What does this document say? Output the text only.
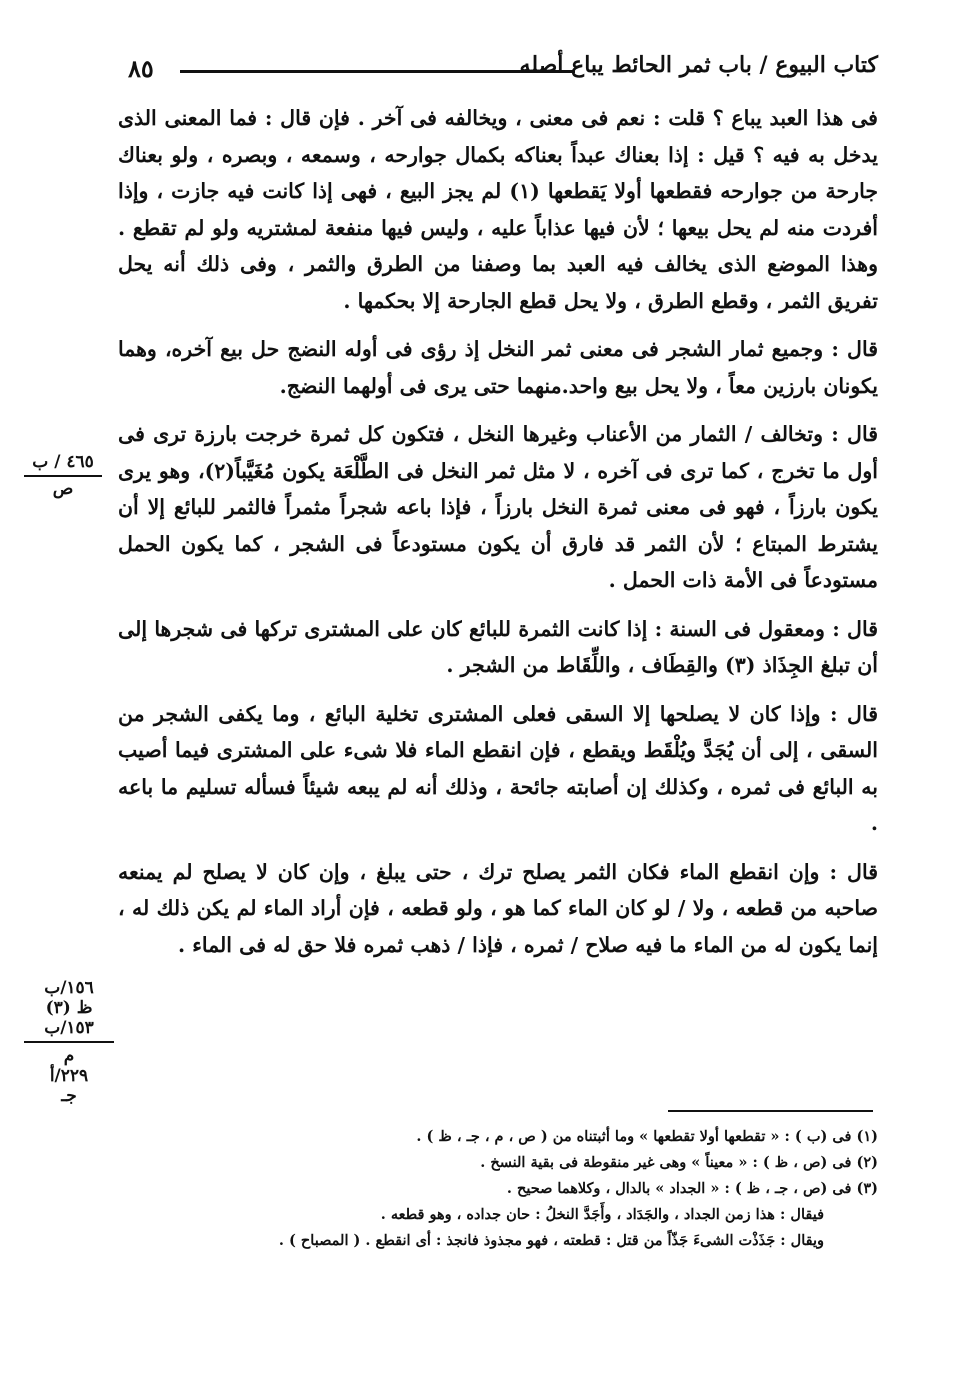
٨٥	كتاب البيوع / باب ثمر الحائط يباع أصله

فى هذا العبد يباع ؟ قلت : نعم فى معنى ، ويخالفه فى آخر . فإن قال : فما المعنى الذى يدخل به فيه ؟ قيل : إذا بعناك عبداً بعناكه بكمال جوارحه ، وسمعه ، وبصره ، ولو بعناك جارحة من جوارحه فقطعها أولا يَقطعها (١) لم يجز البيع ، فهى إذا كانت فيه جازت ، وإذا أفردت منه لم يحل بيعها ؛ لأن فيها عذاباً عليه ، وليس فيها منفعة لمشتريه ولو لم تقطع . وهذا الموضع الذى يخالف فيه العبد بما وصفنا من الطرق والثمر ، وفى ذلك أنه يحل تفريق الثمر ، وقطع الطرق ، ولا يحل قطع الجارحة إلا بحكمها .

قال :وجميع ثمار الشجر فى معنى ثمر النخل إذ رؤى فى أوله النضج حل بيع آخره، وهما يكونان بارزين معاً ، ولا يحل بيع واحد.منهما حتى يرى فى أولهما النضج.

قال :وتخالف / الثمار من الأعناب وغيرها النخل ، فتكون كل ثمرة خرجت بارزة ترى فى أول ما تخرج ، كما ترى فى آخره ، لا مثل ثمر النخل فى الطَّلْعَة يكون مُغَيَّباً(٢)، وهو يرى يكون بارزاً ، فهو فى معنى ثمرة النخل بارزاً ، فإذا باعه شجراً مثمراً فالثمر للبائع إلا أن يشترط المبتاع ؛ لأن الثمر قد فارق أن يكون مستودعاً فى الشجر ، كما يكون الحمل مستودعاً فى الأمة ذات الحمل .

قال :ومعقول فى السنة : إذا كانت الثمرة للبائع كان على المشترى تركها فى شجرها إلى أن تبلغ الجِذَاذ (٣) والقِطَاف ، واللِّقَاط من الشجر .

قال :وإذا كان لا يصلحها إلا السقى فعلى المشترى تخلية البائع ، وما يكفى الشجر من السقى ، إلى أن يُجَدَّ ويُلْقَط ويقطع ، فإن انقطع الماء فلا شىء على المشترى فيما أصيب به البائع فى ثمره ، وكذلك إن أصابته جائحة ، وذلك أنه لم يبعه شيئاً فسأله تسليم ما باعه .

قال :وإن انقطع الماء فكان الثمر يصلح ترك ، حتى يبلغ ، وإن كان لا يصلح لم يمنعه صاحبه من قطعه ، ولا / لو كان الماء كما هو ، ولو قطعه ، فإن أراد الماء لم يكن ذلك له ، إنما يكون له من الماء ما فيه صلاح / ثمره ، فإذا / ذهب ثمره فلا حق له فى الماء .

٤٦٥ / ب
ص
١٥٦/ب
ظ (٣)
١٥٣/ب
م
٢٢٩/أ
جـ
(١) فى (ب ) : « تقطعها أولا تقطعها » وما أثبتناه من ( ص ، م ، جـ ، ظ ) .
(٢) فى (ص ، ظ ) : « معيناً » وهى غير منقوطة فى بقية النسخ .
(٣) فى (ص ، جـ ، ظ ) : « الجداد » بالدال ، وكلاهما صحيح .
فيقال : هذا زمن الجداد ، والجَدَاد ، وأَجَدَّ النخلُ : حان جداده ، وهو قطعه .
ويقال : جَذَذْت الشىءَ جَذّاً من قتل : قطعته ، فهو مجذوذ فانجذ : أى انقطع . ( المصباح ) .
